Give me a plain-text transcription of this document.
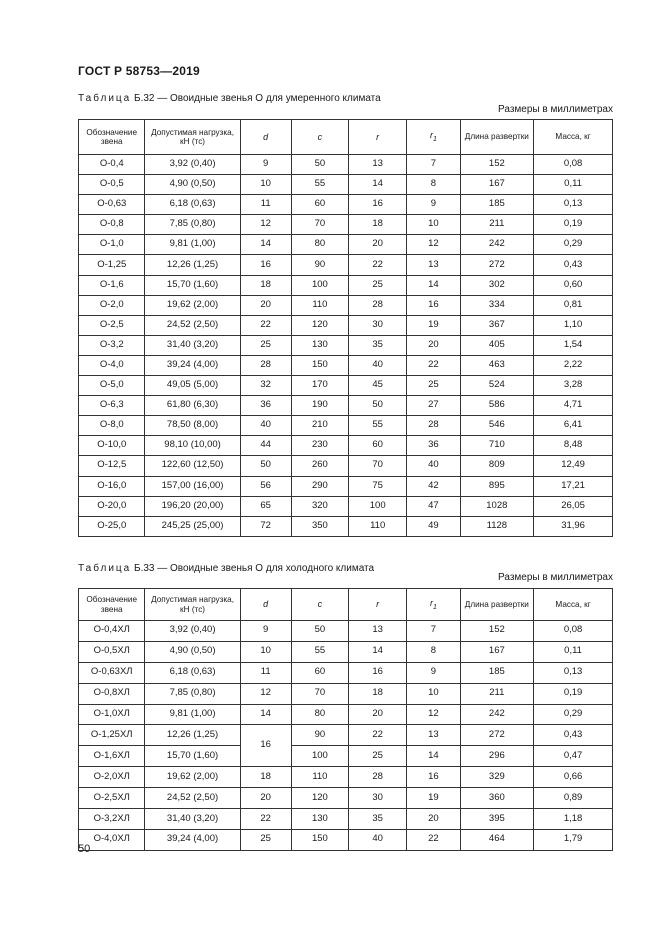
ГОСТ Р 58753—2019
Таблица Б.32 — Овоидные звенья О для умеренного климата
Размеры в миллиметрах
Обозначение звена	Допустимая нагрузка, кН (тс)	d	c	r	$r_1$	Длина развертки	Масса, кг
О-0,4	3,92 (0,40)	9	50	13	7	152	0,08
О-0,5	4,90 (0,50)	10	55	14	8	167	0,11
О-0,63	6,18 (0,63)	11	60	16	9	185	0,13
О-0,8	7,85 (0,80)	12	70	18	10	211	0,19
О-1,0	9,81 (1,00)	14	80	20	12	242	0,29
О-1,25	12,26 (1,25)	16	90	22	13	272	0,43
О-1,6	15,70 (1,60)	18	100	25	14	302	0,60
О-2,0	19,62 (2,00)	20	110	28	16	334	0,81
О-2,5	24,52 (2,50)	22	120	30	19	367	1,10
О-3,2	31,40 (3,20)	25	130	35	20	405	1,54
О-4,0	39,24 (4,00)	28	150	40	22	463	2,22
О-5,0	49,05 (5,00)	32	170	45	25	524	3,28
О-6,3	61,80 (6,30)	36	190	50	27	586	4,71
О-8,0	78,50 (8,00)	40	210	55	28	546	6,41
О-10,0	98,10 (10,00)	44	230	60	36	710	8,48
О-12,5	122,60 (12,50)	50	260	70	40	809	12,49
О-16,0	157,00 (16,00)	56	290	75	42	895	17,21
О-20,0	196,20 (20,00)	65	320	100	47	1028	26,05
О-25,0	245,25 (25,00)	72	350	110	49	1128	31,96
Таблица Б.33 — Овоидные звенья О для холодного климата
Размеры в миллиметрах
Обозначение звена	Допустимая нагрузка, кН (тс)	d	c	r	$r_1$	Длина развертки	Масса, кг
О-0,4ХЛ	3,92 (0,40)	9	50	13	7	152	0,08
О-0,5ХЛ	4,90 (0,50)	10	55	14	8	167	0,11
О-0,63ХЛ	6,18 (0,63)	11	60	16	9	185	0,13
О-0,8ХЛ	7,85 (0,80)	12	70	18	10	211	0,19
О-1,0ХЛ	9,81 (1,00)	14	80	20	12	242	0,29
О-1,25ХЛ	12,26 (1,25)	16	90	22	13	272	0,43
О-1,6ХЛ	15,70 (1,60)		100	25	14	296	0,47
О-2,0ХЛ	19,62 (2,00)	18	110	28	16	329	0,66
О-2,5ХЛ	24,52 (2,50)	20	120	30	19	360	0,89
О-3,2ХЛ	31,40 (3,20)	22	130	35	20	395	1,18
О-4,0ХЛ	39,24 (4,00)	25	150	40	22	464	1,79
50
